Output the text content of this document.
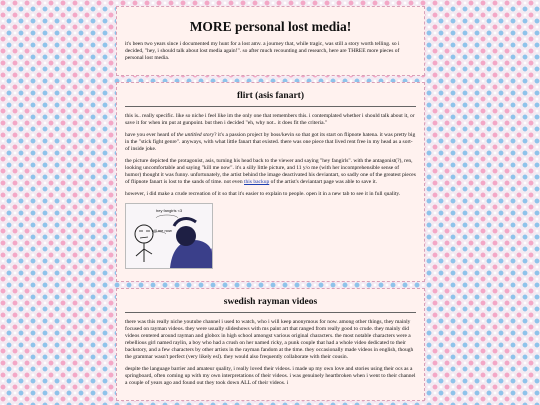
MORE personal lost media!

it's been two years since i documented my hunt for a lost amv. a journey that, while tragic, was still a story worth telling. so i decided, "hey, i should talk about lost media again!". so after much recounting and research, here are THREE more pieces of personal lost media.

flirt (asis fanart)

this is.. really specific. like so niche i feel like im the only one that remembers this. i contemplated whether i should talk about it, or save it for when im put at gunpoint. but then i decided "eh, why not.. it does fit the criteria."

have you ever heard of the untitled story? it's a passion project by boss/kevin so that got its start on flipnote hatena. it was pretty big in the "stick fight genre". anyways, with what little fanart that existed. there was one piece that lived rent free in my head as a sort-of inside joke.

the picture depicted the protagonist, asis, turning his head back to the viewer and saying "hey fangirls". with the antagonist(?), ren, looking uncomfortable and saying "kill me now". it's a silly little picture, and 11 y/o me (with her incomprehensible sense of humor) thought it was funny. unfortunately, the artist behind the image deactivated his deviantart, so sadly one of the greatest pieces of flipnote fanart is lost to the sands of time. not even this backup of the artist's deviantart page was able to save it.

however, i did make a crude recreation of it so that it's easier to explain to people. open it in a new tab to see it in full quality.

hey fangirls <3
kill me now
swedish rayman videos

there was this really niche youtube channel i used to watch, who i will keep anonymous for now. among other things, they mainly focused on rayman videos. they were usually slideshows with ms paint art that ranged from really good to crude. they mainly did videos centered around rayman and globox in high school amongst various original characters. the most notable characters were a rebellious girl named raylin, a boy who had a crush on her named ricky, a punk couple that had a whole video dedicated to their backstory, and a few characters by other artists in the rayman fandom at the time. they occasionally made videos in english, though the grammar wasn't perfect (very likely esl). they would also frequently collaborate with their cousin.

despite the language barrier and amateur quality, i really loved their videos. i made up my own love and stories using their ocs as a springboard, often coming up with my own interpretations of their videos. i was genuinely heartbroken when i went to their channel a couple of years ago and found out they took down ALL of their videos. i
